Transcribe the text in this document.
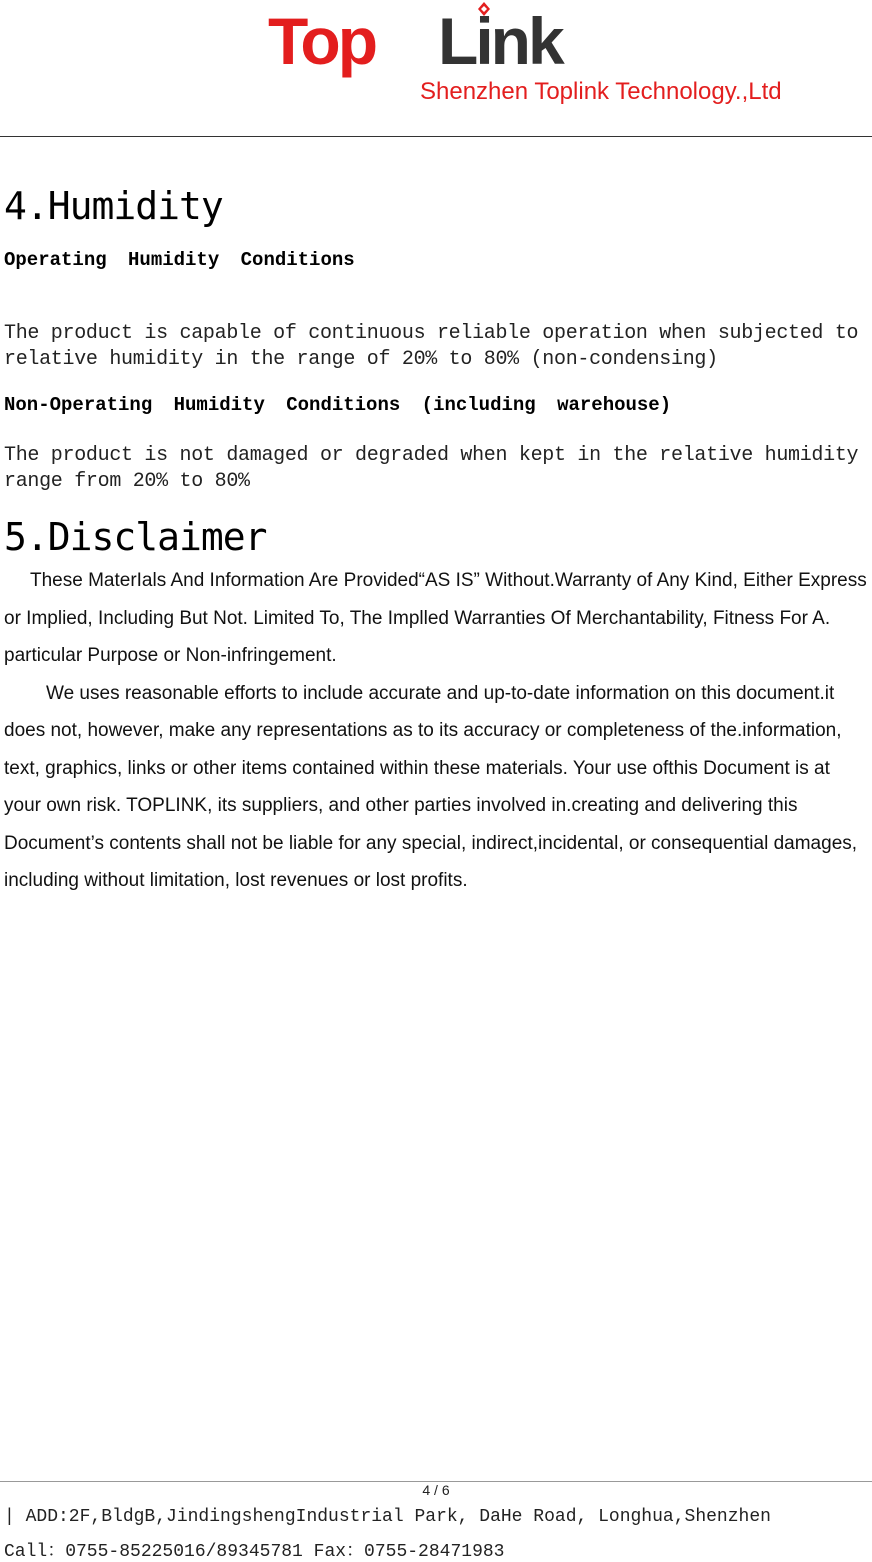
Top Link
Shenzhen Toplink Technology.,Ltd
4.Humidity
Operating Humidity Conditions
The product is capable of continuous reliable operation when subjected to relative humidity in the range of 20% to 80% (non-condensing)
Non-Operating Humidity Conditions (including warehouse)
The product is not damaged or degraded when kept in the relative humidity range from 20% to 80%
5.Disclaimer

These MaterIals And Information Are Provided“AS IS” Without.Warranty of Any Kind, Either Express or Implied, Including But Not. Limited To, The Implled Warranties Of Merchantability, Fitness For A. particular Purpose or Non-infringement.

We uses reasonable efforts to include accurate and up-to-date information on this document.it does not, however, make any representations as to its accuracy or completeness of the.information, text, graphics, links or other items contained within these materials. Your use ofthis Document is at your own risk. TOPLINK, its suppliers, and other parties involved in.creating and delivering this Document’s contents shall not be liable for any special, indirect,incidental, or consequential damages, including without limitation, lost revenues or lost profits.

4 / 6
| ADD:2F,BldgB,JindingshengIndustrial Park, DaHe Road, Longhua,Shenzhen
Call：0755-85225016/89345781 Fax：0755-28471983
